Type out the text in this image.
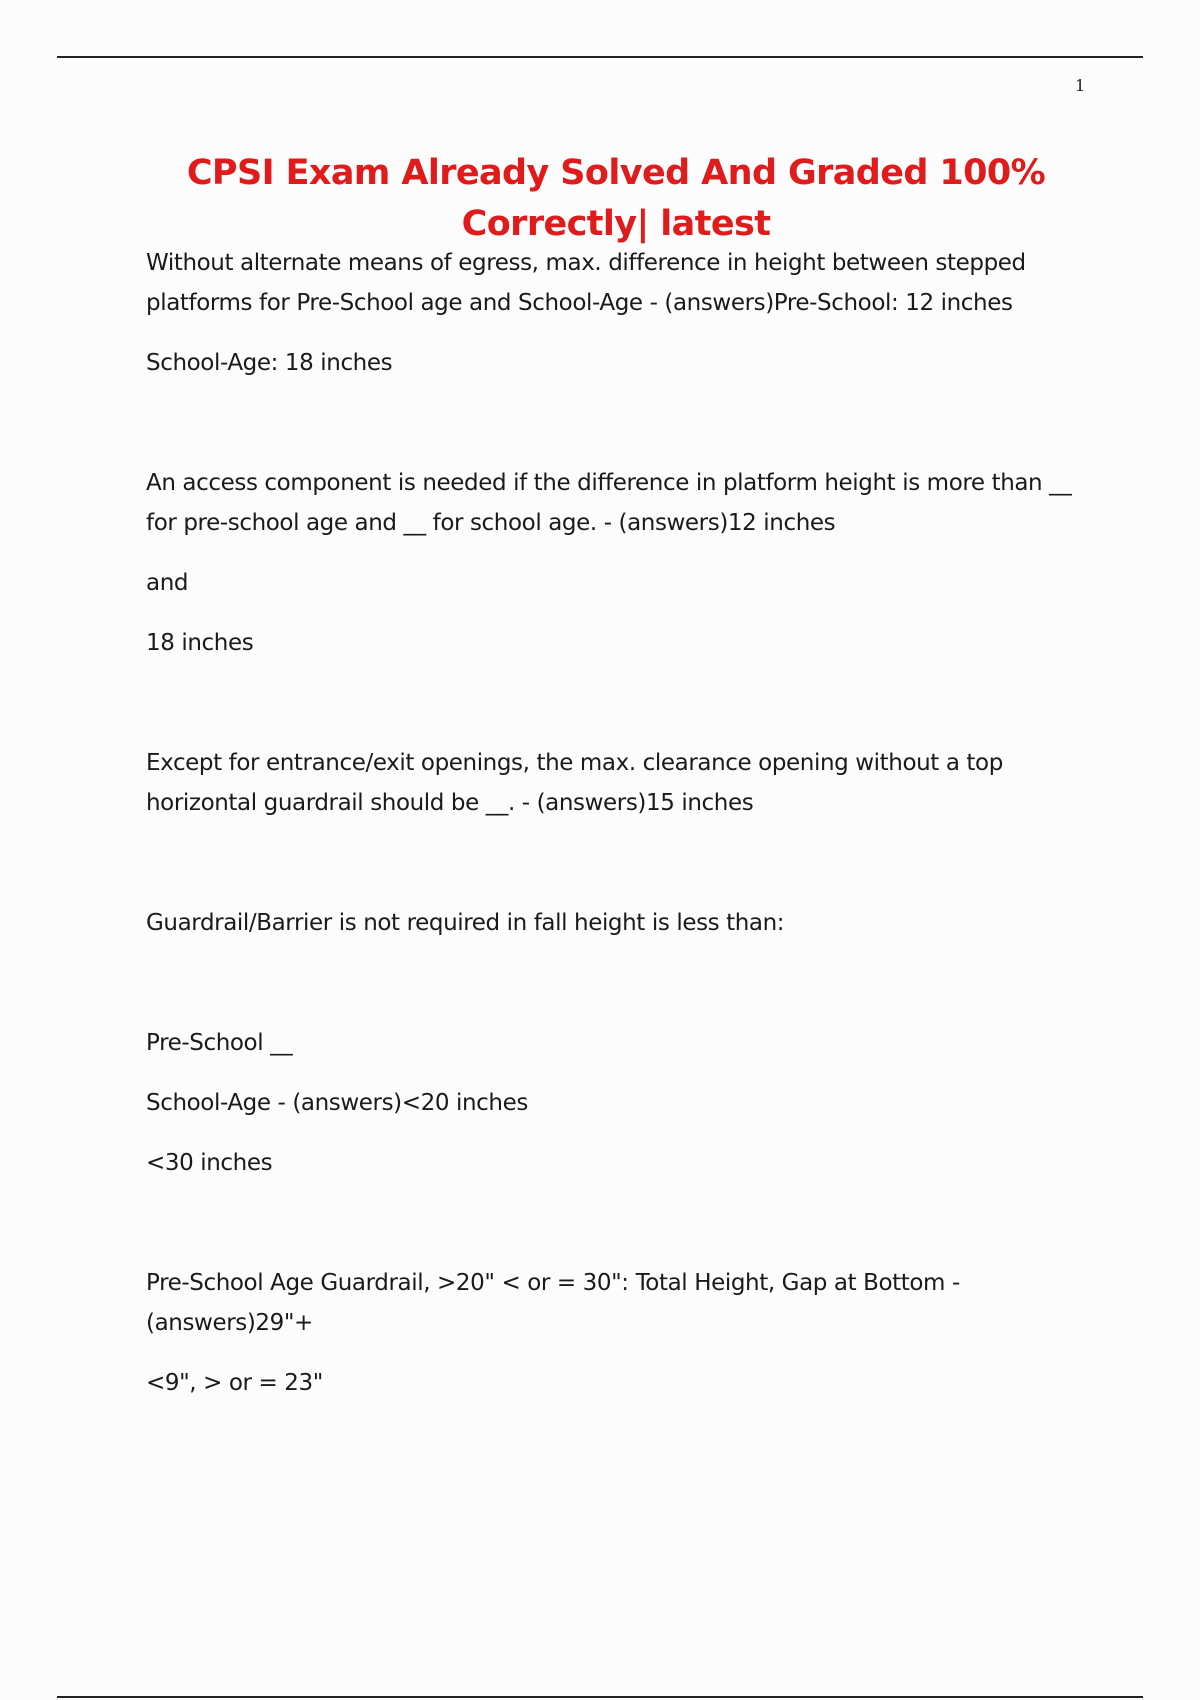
1
CPSI Exam Already Solved And Graded 100% Correctly| latest

Without alternate means of egress, max. difference in height between stepped platforms for Pre-School age and School-Age - (answers)Pre-School: 12 inches

School-Age: 18 inches

An access component is needed if the difference in platform height is more than __ for pre-school age and __ for school age. - (answers)12 inches

and

18 inches

Except for entrance/exit openings, the max. clearance opening without a top horizontal guardrail should be __. - (answers)15 inches

Guardrail/Barrier is not required in fall height is less than:

Pre-School __

School-Age - (answers)<20 inches

<30 inches

Pre-School Age Guardrail, >20" < or = 30": Total Height, Gap at Bottom - (answers)29"+

<9", > or = 23"
